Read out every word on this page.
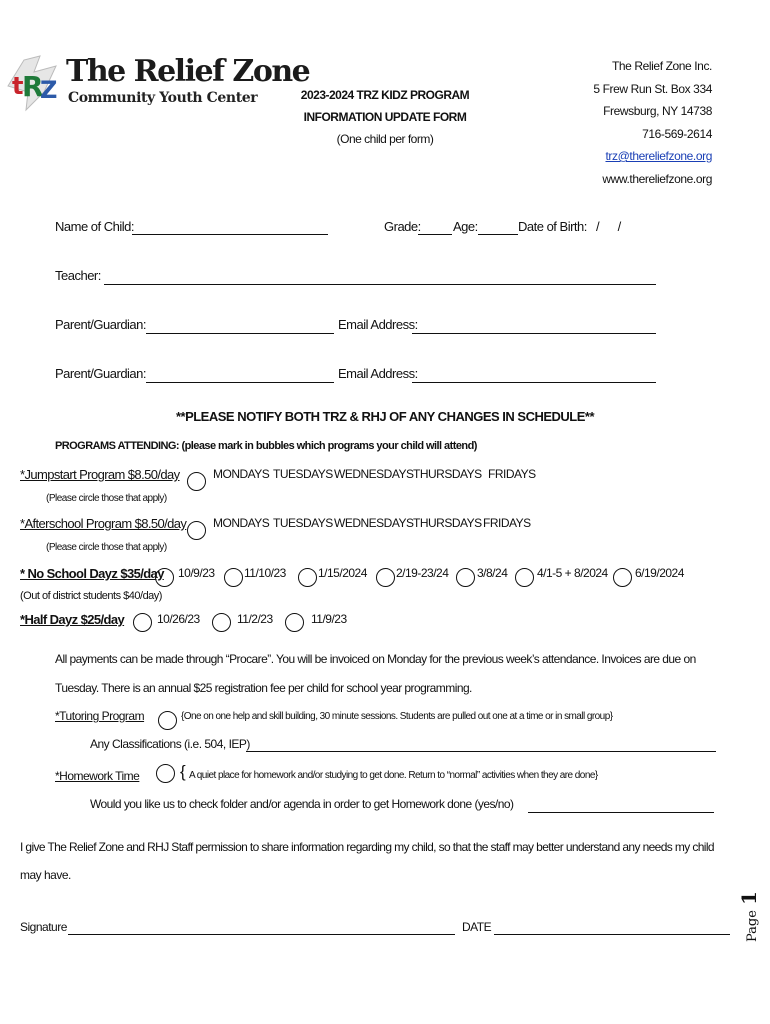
t
R
Z
The Relief Zone
Community Youth Center	2023-2024 TRZ KIDZ PROGRAM
INFORMATION UPDATE FORM
(One child per form)
The Relief Zone Inc.
5 Frew Run St. Box 334
Frewsburg, NY 14738
716-569-2614
trz@thereliefzone.org
www.thereliefzone.org
Name of Child:	Grade: Age:	Date of Birth: /     /
Teacher:
Parent/Guardian:	Email Address:
Parent/Guardian:	Email Address:
**PLEASE NOTIFY BOTH TRZ & RHJ OF ANY CHANGES IN SCHEDULE**
PROGRAMS ATTENDING: (please mark in bubbles which programs your child will attend)
*Jumpstart Program $8.50/day	MONDAYS TUESDAYS WEDNESDAYS THURSDAYS FRIDAYS
(Please circle those that apply)
*Afterschool Program $8.50/day MONDAYS TUESDAYS WEDNESDAYS THURSDAYS FRIDAYS
(Please circle those that apply)
* No School Dayz $35/day 10/9/23 11/10/23	1/15/2024 2/19-23/24 3/8/24 4/1-5 + 8/2024 6/19/2024
(Out of district students $40/day)
*Half Dayz $25/day	10/26/23	11/2/23	11/9/23
All payments can be made through “Procare”. You will be invoiced on Monday for the previous week’s attendance. Invoices are due on
Tuesday. There is an annual $25 registration fee per child for school year programming.
*Tutoring Program	{One on one help and skill building, 30 minute sessions. Students are pulled out one at a time or in small group}
Any Classifications (i.e. 504, IEP)
*Homework Time { A quiet place for homework and/or studying to get done. Return to “normal” activities when they are done}
Would you like us to check folder and/or agenda in order to get Homework done (yes/no)
I give The Relief Zone and RHJ Staff permission to share information regarding my child, so that the staff may better understand any needs my child
may have.
Signature	DATE	Page 1
